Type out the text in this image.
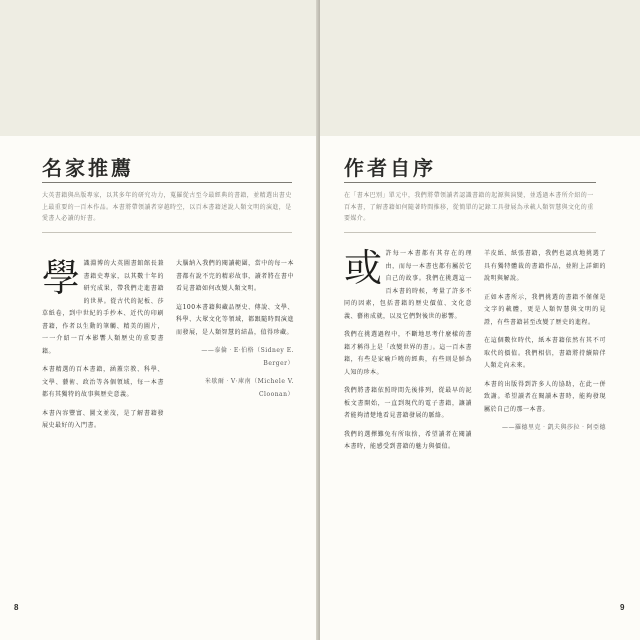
名家推薦

大英書籍與出版專家，以其多年的研究功力，蒐羅從古至今最經典的書籍，並精選出書史上最重要的一百本作品。本書將帶領讀者穿越時空，以百本書籍述說人類文明的演進，是愛書人必讀的好書。

學 識淵博的大英圖書館館長兼書籍史專家，以其數十年的研究成果，帶我們走進書籍的世界。從古代的泥板、莎草紙卷，到中世紀的手抄本、近代的印刷書籍，作者以生動的筆觸、精美的圖片，一一介紹一百本影響人類歷史的重要書籍。

本書精選的百本書籍，涵蓋宗教、科學、文學、藝術、政治等各個領域，每一本書都有其獨特的故事與歷史意義。

本書內容豐富、圖文並茂，是了解書籍發展史最好的入門書。

大腦納入我們的閱讀範圍，當中的每一本書都有說不完的精彩故事，讀者將在書中看見書籍如何改變人類文明。

這100本書籍與藏品歷史、傳說、文學、科學、大眾文化等領域，都跟隨時間演進而發展，是人類智慧的結晶，值得珍藏。

——泰倫‧E‧伯格（Sidney E. Berger）

米歇爾‧V‧庫南（Michele V. Cloonan）

8
作者自序

在「書本巴別」單元中，我們將帶領讀者認識書籍的起源與演變，並透過本書所介紹的一百本書，了解書籍如何隨著時間推移，從簡單的記錄工具發展為承載人類智慧與文化的重要媒介。

或 許每一本書都有其存在的理由，而每一本書也都有屬於它自己的故事。我們在挑選這一百本書的時候，考量了許多不同的因素，包括書籍的歷史價值、文化意義、藝術成就，以及它們對後世的影響。

我們在挑選過程中，不斷地思考什麼樣的書籍才稱得上是「改變世界的書」。這一百本書籍，有些是家喻戶曉的經典，有些則是鮮為人知的珍本。

我們將書籍依照時間先後排列，從最早的泥板文書開始，一直到現代的電子書籍，讓讀者能夠清楚地看見書籍發展的脈絡。

我們的選擇難免有所取捨，希望讀者在閱讀本書時，能感受到書籍的魅力與價值。

羊皮紙、紙張書籍，我們也認真地挑選了具有獨特體裁的書籍作品，並附上詳細的說明與解說。

正如本書所示，我們挑選的書籍不僅僅是文字的載體，更是人類智慧與文明的見證，有些書籍甚至改變了歷史的進程。

在這個數位時代，紙本書籍依然有其不可取代的價值。我們相信，書籍將持續陪伴人類走向未來。

本書的出版得到許多人的協助，在此一併致謝。希望讀者在閱讀本書時，能夠發現屬於自己的那一本書。

——羅德里克‧凱夫與莎拉‧阿亞德

9
